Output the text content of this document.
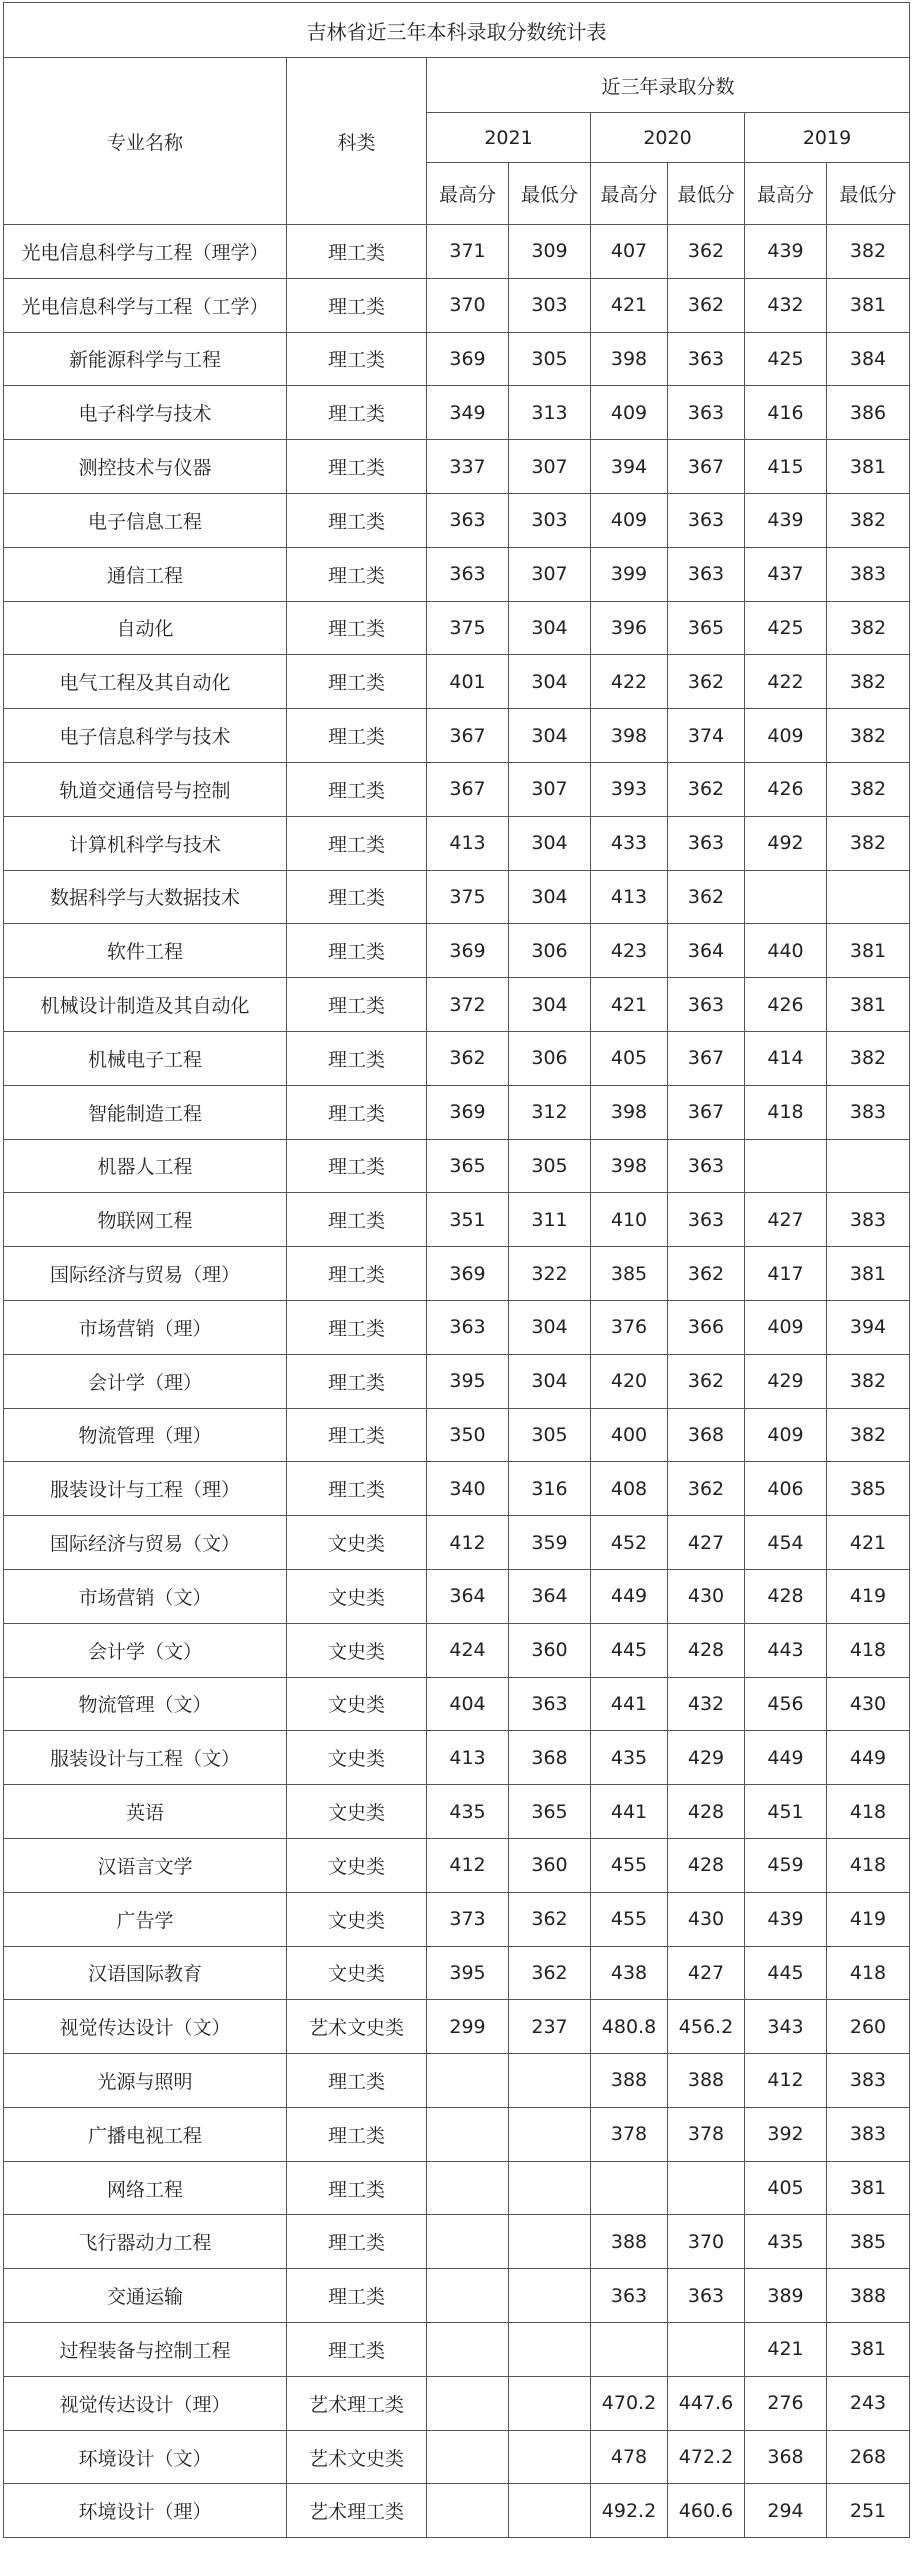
吉林省近三年本科录取分数统计表							
专业名称	科类	近三年录取分数					
		2021		2020		2019	
		最高分	最低分	最高分	最低分	最高分	最低分
光电信息科学与工程（理学）	理工类	371	309	407	362	439	382
光电信息科学与工程（工学）	理工类	370	303	421	362	432	381
新能源科学与工程	理工类	369	305	398	363	425	384
电子科学与技术	理工类	349	313	409	363	416	386
测控技术与仪器	理工类	337	307	394	367	415	381
电子信息工程	理工类	363	303	409	363	439	382
通信工程	理工类	363	307	399	363	437	383
自动化	理工类	375	304	396	365	425	382
电气工程及其自动化	理工类	401	304	422	362	422	382
电子信息科学与技术	理工类	367	304	398	374	409	382
轨道交通信号与控制	理工类	367	307	393	362	426	382
计算机科学与技术	理工类	413	304	433	363	492	382
数据科学与大数据技术	理工类	375	304	413	362		
软件工程	理工类	369	306	423	364	440	381
机械设计制造及其自动化	理工类	372	304	421	363	426	381
机械电子工程	理工类	362	306	405	367	414	382
智能制造工程	理工类	369	312	398	367	418	383
机器人工程	理工类	365	305	398	363		
物联网工程	理工类	351	311	410	363	427	383
国际经济与贸易（理）	理工类	369	322	385	362	417	381
市场营销（理）	理工类	363	304	376	366	409	394
会计学（理）	理工类	395	304	420	362	429	382
物流管理（理）	理工类	350	305	400	368	409	382
服装设计与工程（理）	理工类	340	316	408	362	406	385
国际经济与贸易（文）	文史类	412	359	452	427	454	421
市场营销（文）	文史类	364	364	449	430	428	419
会计学（文）	文史类	424	360	445	428	443	418
物流管理（文）	文史类	404	363	441	432	456	430
服装设计与工程（文）	文史类	413	368	435	429	449	449
英语	文史类	435	365	441	428	451	418
汉语言文学	文史类	412	360	455	428	459	418
广告学	文史类	373	362	455	430	439	419
汉语国际教育	文史类	395	362	438	427	445	418
视觉传达设计（文）	艺术文史类	299	237	480.8	456.2	343	260
光源与照明	理工类			388	388	412	383
广播电视工程	理工类			378	378	392	383
网络工程	理工类					405	381
飞行器动力工程	理工类			388	370	435	385
交通运输	理工类			363	363	389	388
过程装备与控制工程	理工类					421	381
视觉传达设计（理）	艺术理工类			470.2	447.6	276	243
环境设计（文）	艺术文史类			478	472.2	368	268
环境设计（理）	艺术理工类			492.2	460.6	294	251
